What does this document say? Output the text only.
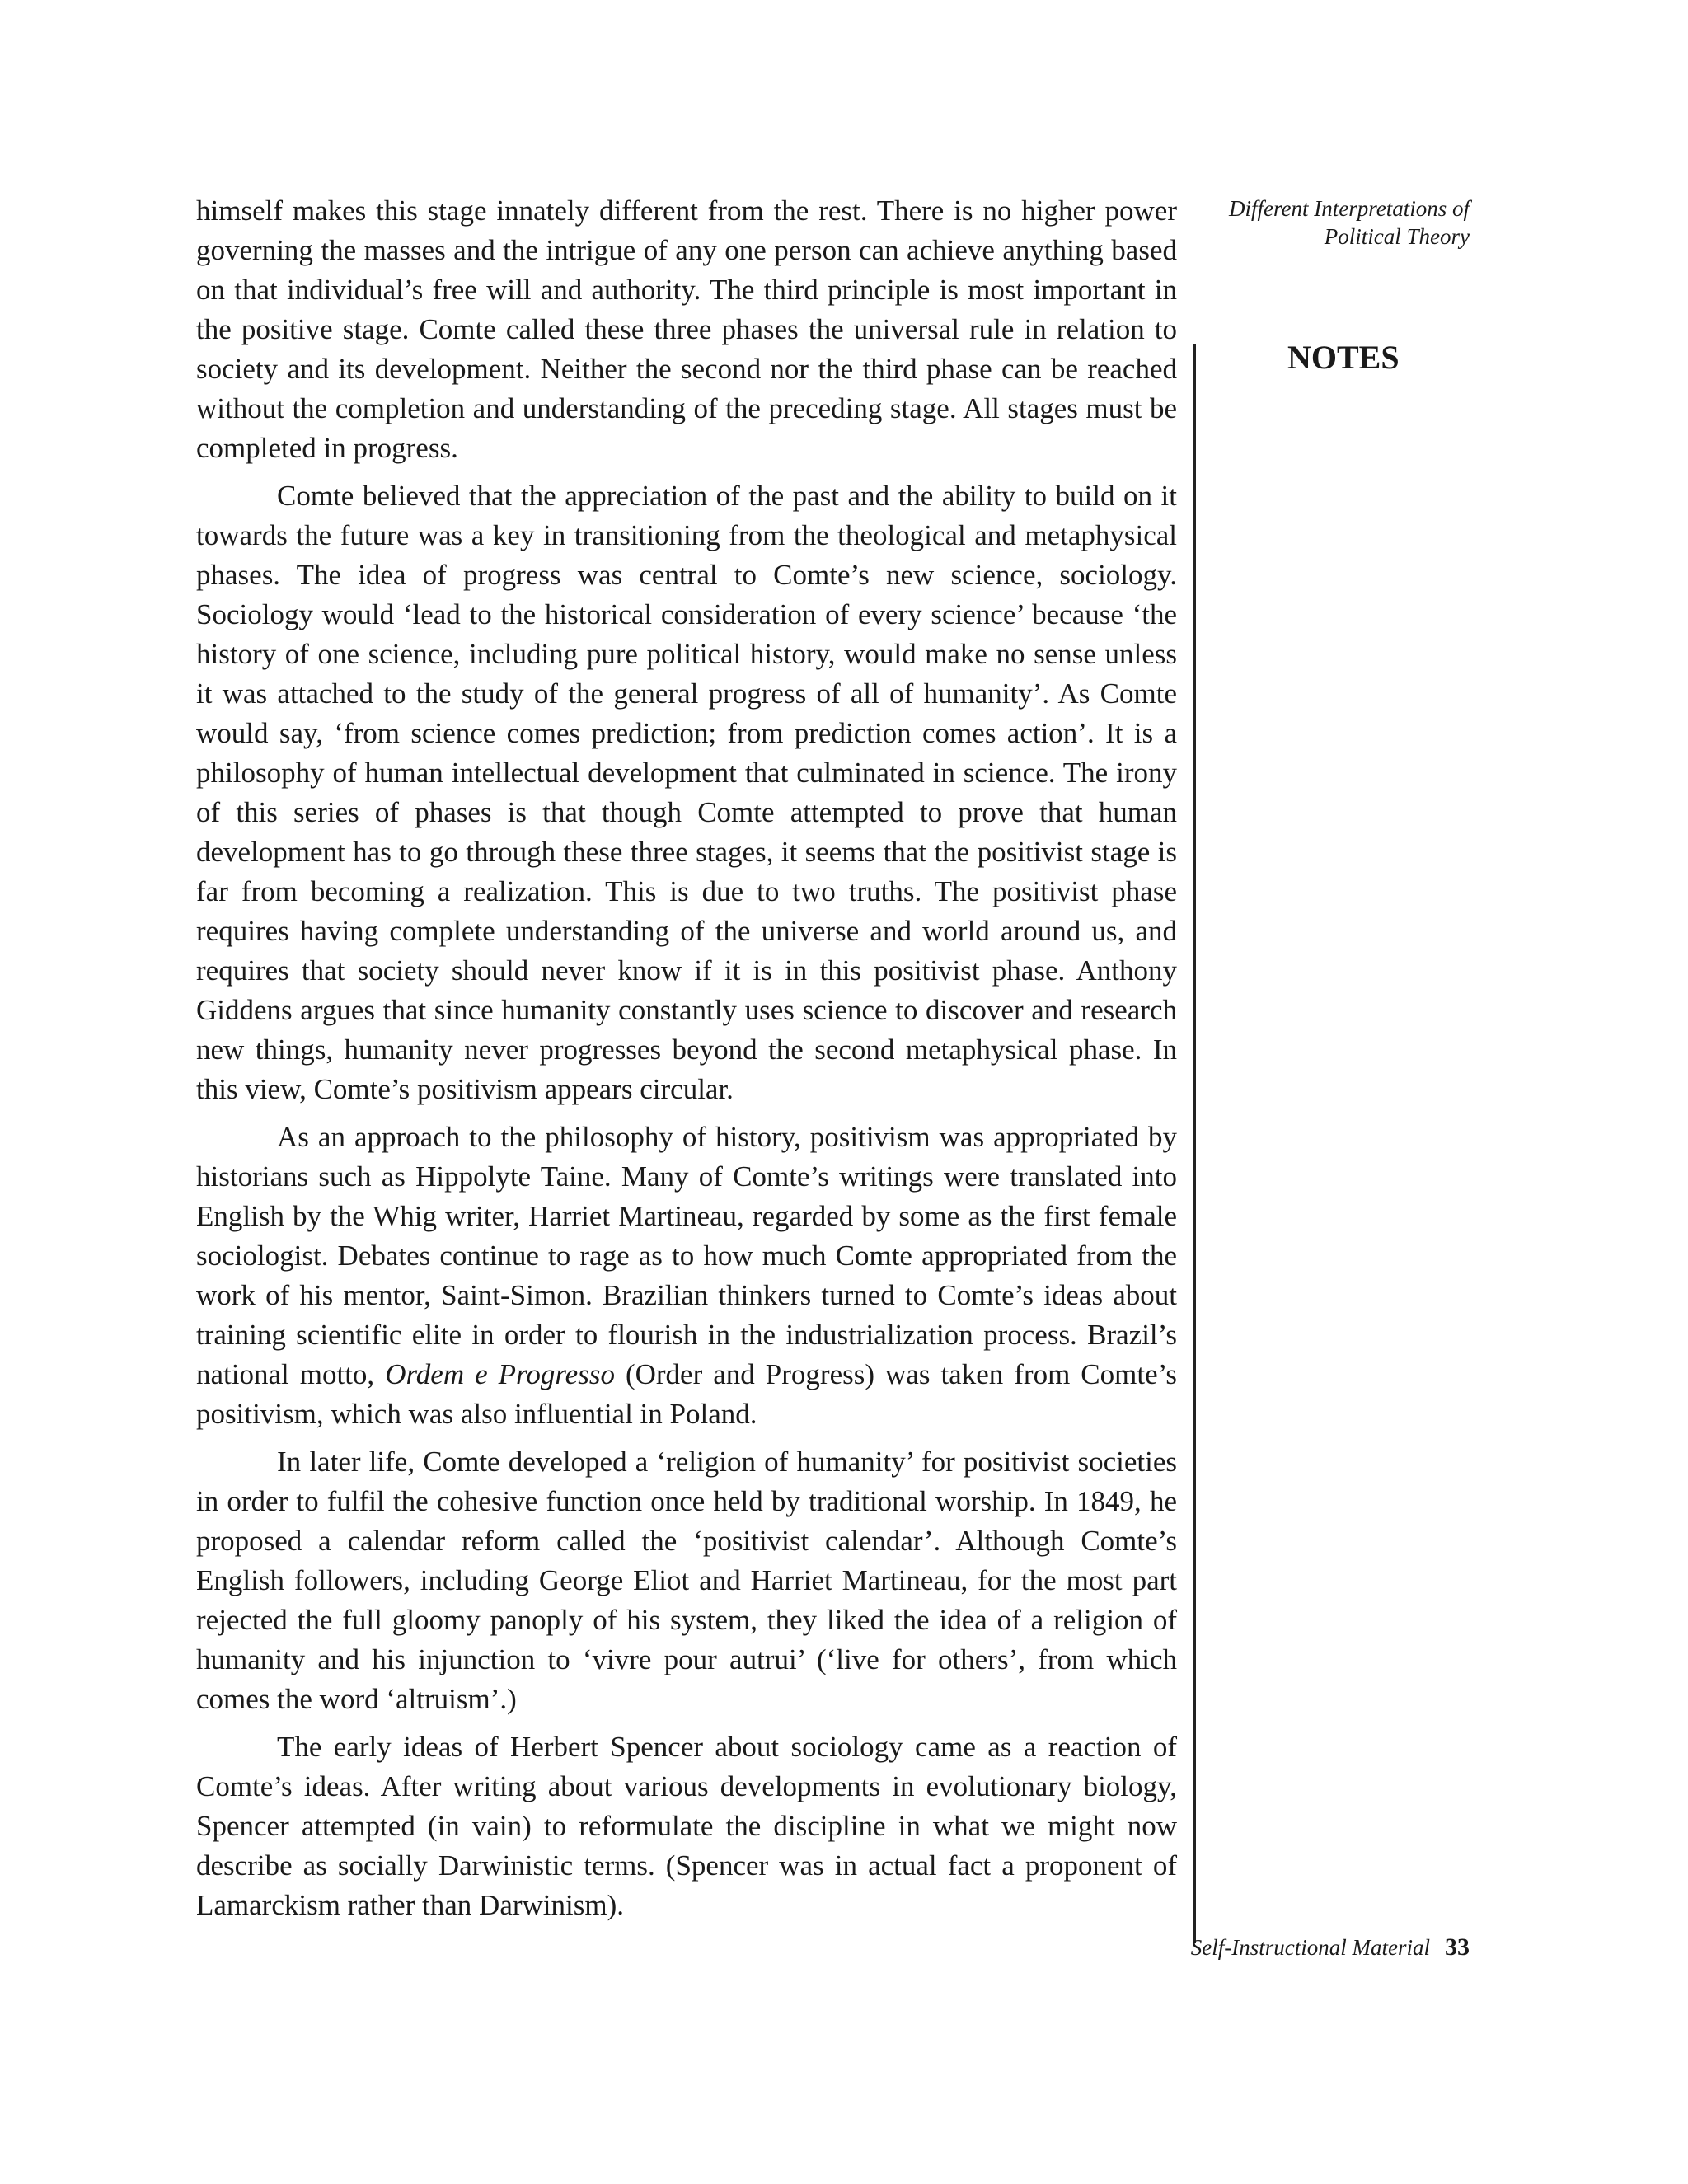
Different Interpretations of
Political Theory
NOTES

himself makes this stage innately different from the rest. There is no higher power governing the masses and the intrigue of any one person can achieve anything based on that individual’s free will and authority. The third principle is most important in the positive stage. Comte called these three phases the universal rule in relation to society and its development. Neither the second nor the third phase can be reached without the completion and understanding of the preceding stage. All stages must be completed in progress.

Comte believed that the appreciation of the past and the ability to build on it towards the future was a key in transitioning from the theological and metaphysical phases. The idea of progress was central to Comte’s new science, sociology. Sociology would ‘lead to the historical consideration of every science’ because ‘the history of one science, including pure political history, would make no sense unless it was attached to the study of the general progress of all of humanity’. As Comte would say, ‘from science comes prediction; from prediction comes action’. It is a philosophy of human intellectual development that culminated in science. The irony of this series of phases is that though Comte attempted to prove that human development has to go through these three stages, it seems that the positivist stage is far from becoming a realization. This is due to two truths. The positivist phase requires having complete understanding of the universe and world around us, and requires that society should never know if it is in this positivist phase. Anthony Giddens argues that since humanity constantly uses science to discover and research new things, humanity never progresses beyond the second metaphysical phase. In this view, Comte’s positivism appears circular.

As an approach to the philosophy of history, positivism was appropriated by historians such as Hippolyte Taine. Many of Comte’s writings were translated into English by the Whig writer, Harriet Martineau, regarded by some as the first female sociologist. Debates continue to rage as to how much Comte appropriated from the work of his mentor, Saint-Simon. Brazilian thinkers turned to Comte’s ideas about training scientific elite in order to flourish in the industrialization process. Brazil’s national motto, Ordem e Progresso (Order and Progress) was taken from Comte’s positivism, which was also influential in Poland.

In later life, Comte developed a ‘religion of humanity’ for positivist societies in order to fulfil the cohesive function once held by traditional worship. In 1849, he proposed a calendar reform called the ‘positivist calendar’. Although Comte’s English followers, including George Eliot and Harriet Martineau, for the most part rejected the full gloomy panoply of his system, they liked the idea of a religion of humanity and his injunction to ‘vivre pour autrui’ (‘live for others’, from which comes the word ‘altruism’.)

The early ideas of Herbert Spencer about sociology came as a reaction of Comte’s ideas. After writing about various developments in evolutionary biology, Spencer attempted (in vain) to reformulate the discipline in what we might now describe as socially Darwinistic terms. (Spencer was in actual fact a proponent of Lamarckism rather than Darwinism).

Self-Instructional Material 33
